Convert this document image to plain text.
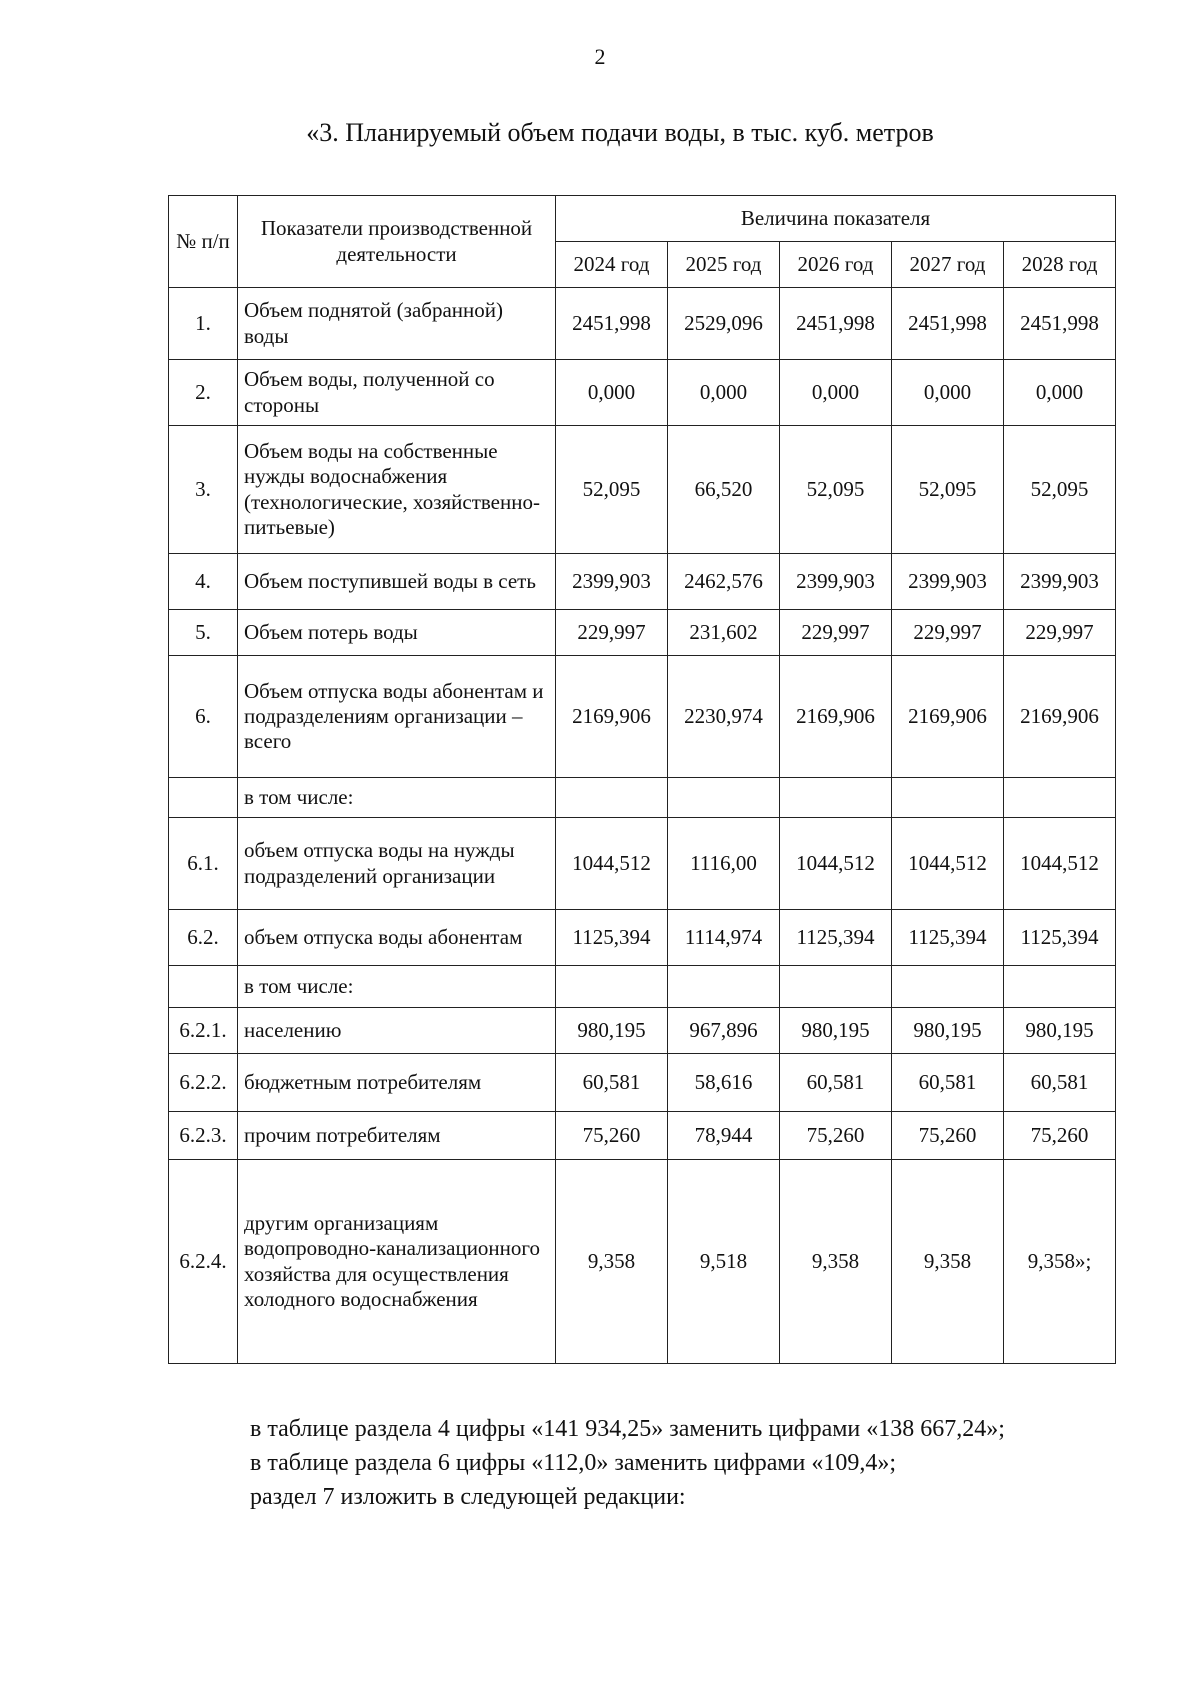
2
«3. Планируемый объем подачи воды, в тыс. куб. метров
№ п/п	Показатели производственной деятельности	Величина показателя				
		2024 год	2025 год	2026 год	2027 год	2028 год
1.	Объем поднятой (забранной) воды	2451,998	2529,096	2451,998	2451,998	2451,998
2.	Объем воды, полученной со стороны	0,000	0,000	0,000	0,000	0,000
3.	Объем воды на собственные нужды водоснабжения (технологические, хозяйственно-питьевые)	52,095	66,520	52,095	52,095	52,095
4.	Объем поступившей воды в сеть	2399,903	2462,576	2399,903	2399,903	2399,903
5.	Объем потерь воды	229,997	231,602	229,997	229,997	229,997
6.	Объем отпуска воды абонентам и подразделениям организации – всего	2169,906	2230,974	2169,906	2169,906	2169,906
	в том числе:					
6.1.	объем отпуска воды на нужды подразделений организации	1044,512	1116,00	1044,512	1044,512	1044,512
6.2.	объем отпуска воды абонентам	1125,394	1114,974	1125,394	1125,394	1125,394
	в том числе:					
6.2.1.	населению	980,195	967,896	980,195	980,195	980,195
6.2.2.	бюджетным потребителям	60,581	58,616	60,581	60,581	60,581
6.2.3.	прочим потребителям	75,260	78,944	75,260	75,260	75,260
6.2.4.	другим организациям водопроводно-канализационного хозяйства для осуществления холодного водоснабжения	9,358	9,518	9,358	9,358	9,358»;

в таблице раздела 4 цифры «141 934,25» заменить цифрами «138 667,24»;

в таблице раздела 6 цифры «112,0» заменить цифрами «109,4»;

раздел 7 изложить в следующей редакции:
